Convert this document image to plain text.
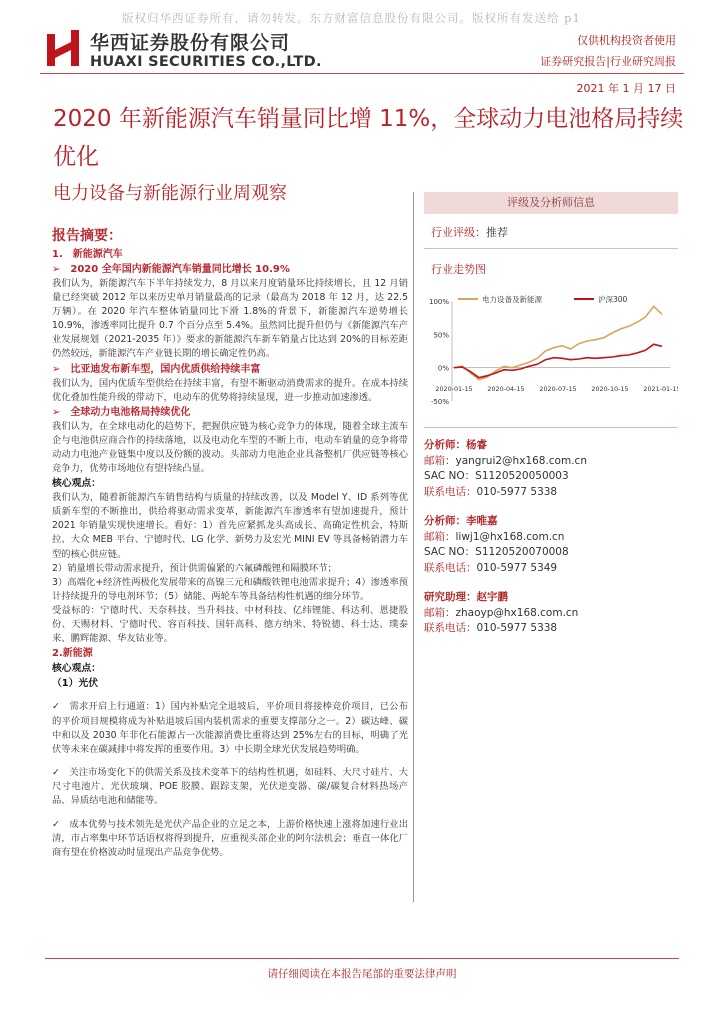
版权归华西证券所有，请勿转发。东方财富信息股份有限公司。版权所有发送给 p1
华西证券股份有限公司
HUAXI SECURITIES CO.,LTD.
仅供机构投资者使用
证券研究报告|行业研究周报
2021 年 1 月 17 日
2020 年新能源汽车销量同比增 11%，全球动力电池格局持续优化
电力设备与新能源行业周观察
报告摘要：
1.　新能源汽车
➢　2020 全年国内新能源汽车销量同比增长 10.9%

我们认为，新能源汽车下半年持续发力，8 月以来月度销量环比持续增长，且 12 月销量已经突破 2012 年以来历史单月销量最高的记录（最高为 2018 年 12 月，达 22.5 万辆）。在 2020 年汽车整体销量同比下滑 1.8%的背景下，新能源汽车逆势增长 10.9%，渗透率同比提升 0.7 个百分点至 5.4%。虽然同比提升但仍与《新能源汽车产业发展规划（2021-2035 年）》要求的新能源汽车新车销量占比达到 20%的目标差距仍然较远，新能源汽车产业链长期的增长确定性仍高。

➢　比亚迪发布新车型，国内优质供给持续丰富

我们认为，国内优质车型供给在持续丰富，有望不断驱动消费需求的提升。在成本持续优化叠加性能升级的带动下，电动车的优势将持续显现，进一步推动加速渗透。

➢　全球动力电池格局持续优化

我们认为，在全球电动化的趋势下，把握供应链为核心竞争力的体现，随着全球主流车企与电池供应商合作的持续落地，以及电动化车型的不断上市，电动车销量的竞争将带动动力电池产业链集中度以及份额的波动。头部动力电池企业具备整机厂供应链等核心竞争力，优势市场地位有望持续凸显。

核心观点：

我们认为，随着新能源汽车销售结构与质量的持续改善，以及 Model Y、ID 系列等优质新车型的不断推出，供给将驱动需求变革，新能源汽车渗透率有望加速提升，预计 2021 年销量实现快速增长。看好：1）首先应紧抓龙头高成长、高确定性机会，特斯拉、大众 MEB 平台、宁德时代、LG 化学、新势力及宏光 MINI EV 等具备畅销潜力车型的核心供应链。

2）销量增长带动需求提升，预计供需偏紧的六氟磷酸锂和隔膜环节；

3）高端化+经济性两极化发展带来的高镍三元和磷酸铁锂电池需求提升；4）渗透率预计持续提升的导电剂环节；（5）储能、两轮车等具备结构性机遇的细分环节。

受益标的：宁德时代、天奈科技、当升科技、中材科技、亿纬锂能、科达利、恩捷股份、天赐材料、宁德时代、容百科技、国轩高科、德方纳米、特锐德、科士达、璞泰来、鹏辉能源、华友钴业等。

2.新能源
核心观点：
（1）光伏

✓　需求开启上行通道：1）国内补贴完全退坡后，平价项目将接棒竞价项目，已公布的平价项目规模将成为补贴退坡后国内装机需求的重要支撑部分之一。2）碳达峰、碳中和以及 2030 年非化石能源占一次能源消费比重将达到 25%左右的目标，明确了光伏等未来在碳减排中将发挥的重要作用。3）中长期全球光伏发展趋势明确。

✓　关注市场变化下的供需关系及技术变革下的结构性机遇，如硅料、大尺寸硅片、大尺寸电池片、光伏玻璃、POE 胶膜、跟踪支架，光伏逆变器、碳/碳复合材料热场产品、异质结电池和储能等。

✓　成本优势与技术领先是光伏产品企业的立足之本，上游价格快速上涨将加速行业出清，市占率集中环节话语权将得到提升，应重视头部企业的阿尔法机会；垂直一体化厂商有望在价格波动时显现出产品竞争优势。

评级及分析师信息
行业评级：推荐
行业走势图
100%
50%
0%
-50%
2020-01-15 2020-04-15 2020-07-15 2020-10-15 2021-01-15
电力设备及新能源	沪深300
分析师：杨睿
邮箱：yangrui2@hx168.com.cn
SAC NO：S1120520050003
联系电话：010-5977 5338
分析师：李唯嘉
邮箱：liwj1@hx168.com.cn
SAC NO：S1120520070008
联系电话：010-5977 5349
研究助理：赵宇鹏
邮箱：zhaoyp@hx168.com.cn
联系电话：010-5977 5338
请仔细阅读在本报告尾部的重要法律声明
